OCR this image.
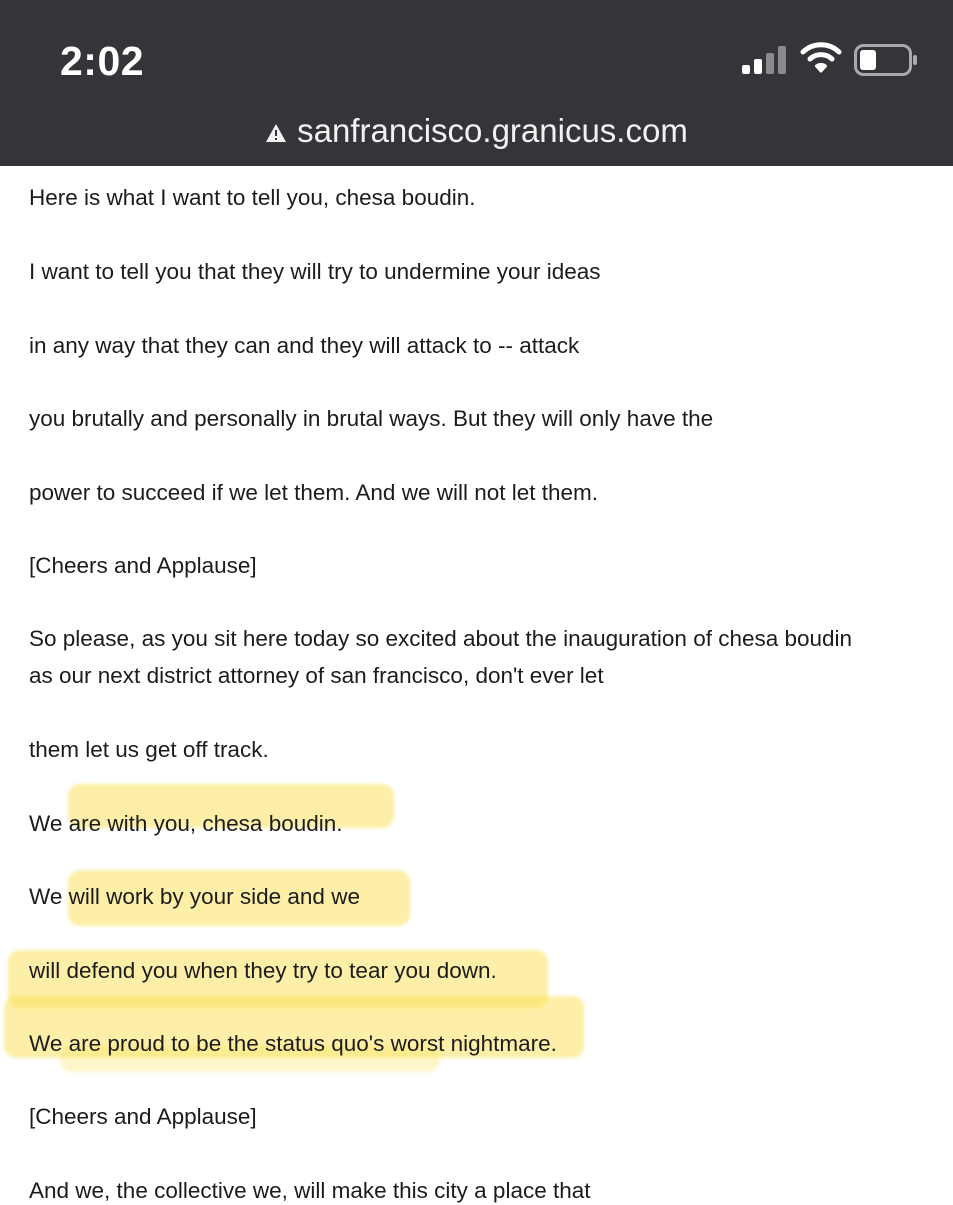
2:02
sanfrancisco.granicus.com
Here is what I want to tell you, chesa boudin.
I want to tell you that they will try to undermine your ideas
in any way that they can and they will attack to -- attack
you brutally and personally in brutal ways. But they will only have the
power to succeed if we let them. And we will not let them.
[Cheers and Applause]
So please, as you sit here today so excited about the inauguration of chesa boudin
as our next district attorney of san francisco, don't ever let
them let us get off track.
We are with you, chesa boudin.
We will work by your side and we
will defend you when they try to tear you down.
We are proud to be the status quo's worst nightmare.
[Cheers and Applause]
And we, the collective we, will make this city a place that
